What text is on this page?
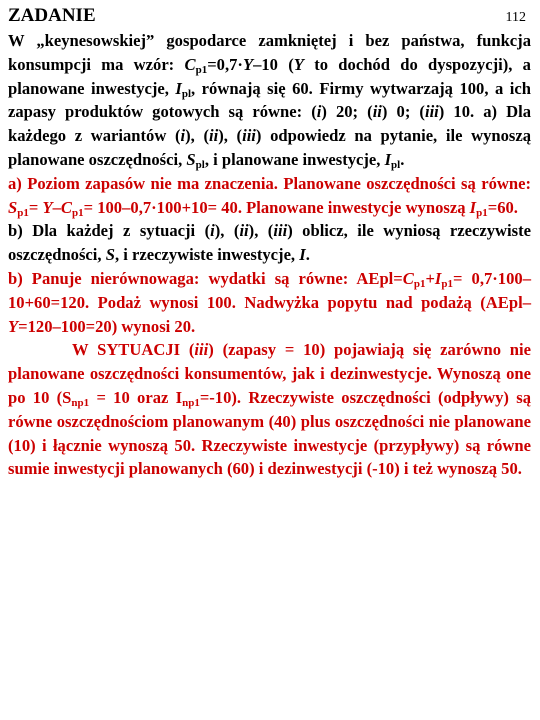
ZADANIE	112

W „keynesowskiej” gospodarce zamkniętej i bez państwa, funkcja konsumpcji ma wzór: $C_{p1}=0,7\cdot Y-10$ (Y to dochód do dyspozycji), a planowane inwestycje, $I_{pl}$, równają się 60. Firmy wytwarzają 100, a ich zapasy produktów gotowych są równe: (i) 20; (ii) 0; (iii) 10. a) Dla każdego z wariantów (i), (ii), (iii) odpowiedz na pytanie, ile wynoszą planowane oszczędności, $S_{pl}$, i planowane inwestycje, $I_{pl}$.

a) Poziom zapasów nie ma znaczenia. Planowane oszczędności są równe: $S_{p1}= Y-C_{p1}= 100-0,7\cdot 100+10= 40$. Planowane inwestycje wynoszą $I_{p1}=60$.

b) Dla każdej z sytuacji (i), (ii), (iii) oblicz, ile wyniosą rzeczywiste oszczędności, S, i rzeczywiste inwestycje, I.

b) Panuje nierównowaga: wydatki są równe: $AEpl=C_{p1}+I_{p1}= 0,7\cdot 100-10+60=120$. Podaż wynosi 100. Nadwyżka popytu nad podażą (AEpl–Y=120–100=20) wynosi 20.

W SYTUACJI (iii) (zapasy = 10) pojawiają się zarówno nie planowane oszczędności konsumentów, jak i dezinwestycje. Wynoszą one po 10 ($S_{np1} = 10$ oraz $I_{np1}=-10$). Rzeczywiste oszczędności (odpływy) są równe oszczędnościom planowanym (40) plus oszczędności nie planowane (10) i łącznie wynoszą 50. Rzeczywiste inwestycje (przypływy) są równe sumie inwestycji planowanych (60) i dezinwestycji (-10) i też wynoszą 50.
